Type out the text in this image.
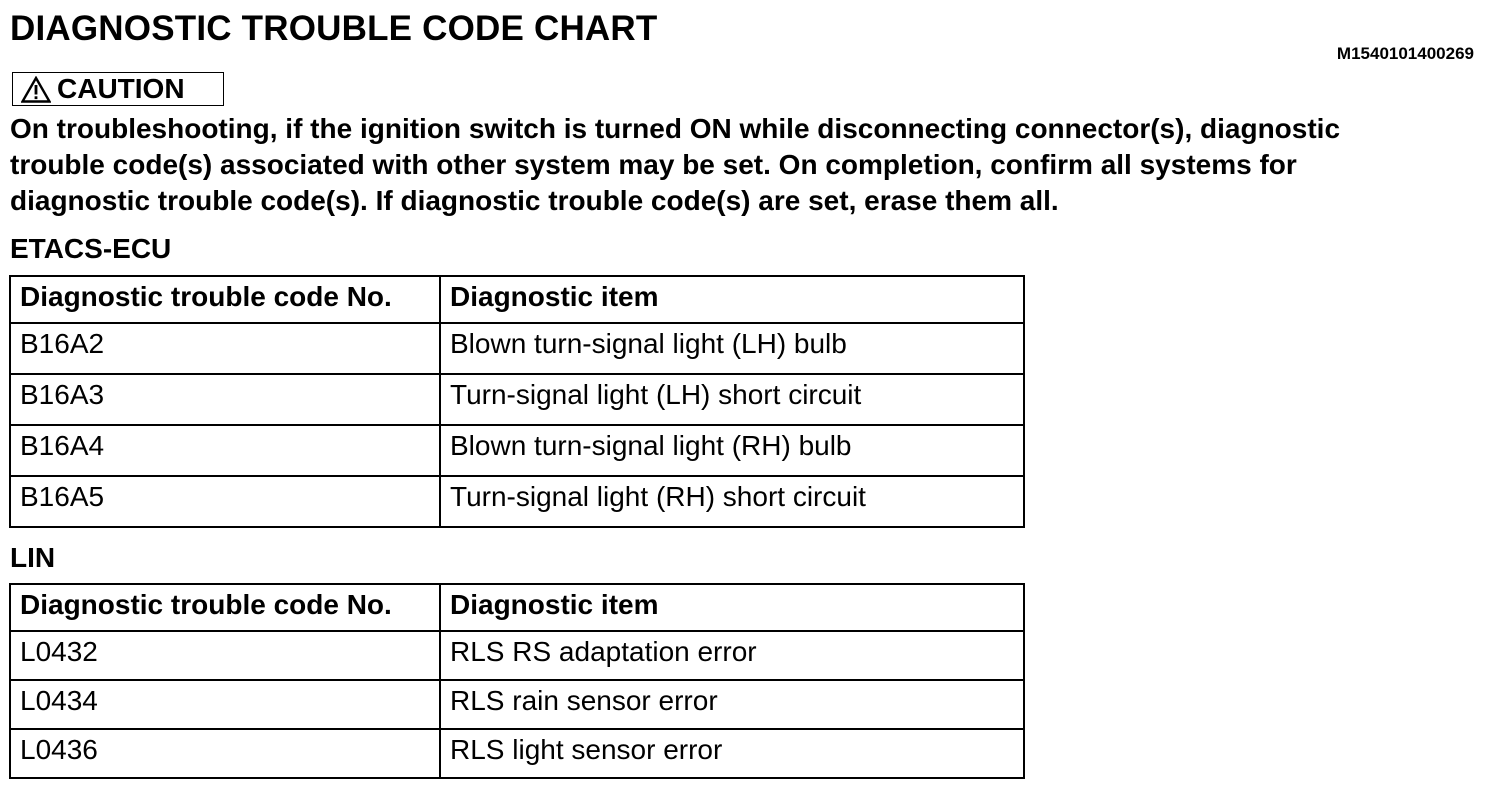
DIAGNOSTIC TROUBLE CODE CHART
M1540101400269
CAUTION
On troubleshooting, if the ignition switch is turned ON while disconnecting connector(s), diagnostic
trouble code(s) associated with other system may be set. On completion, confirm all systems for
diagnostic trouble code(s). If diagnostic trouble code(s) are set, erase them all.
ETACS-ECU
Diagnostic trouble code No.	Diagnostic item
B16A2	Blown turn-signal light (LH) bulb
B16A3	Turn-signal light (LH) short circuit
B16A4	Blown turn-signal light (RH) bulb
B16A5	Turn-signal light (RH) short circuit
LIN
Diagnostic trouble code No.	Diagnostic item
L0432	RLS RS adaptation error
L0434	RLS rain sensor error
L0436	RLS light sensor error
